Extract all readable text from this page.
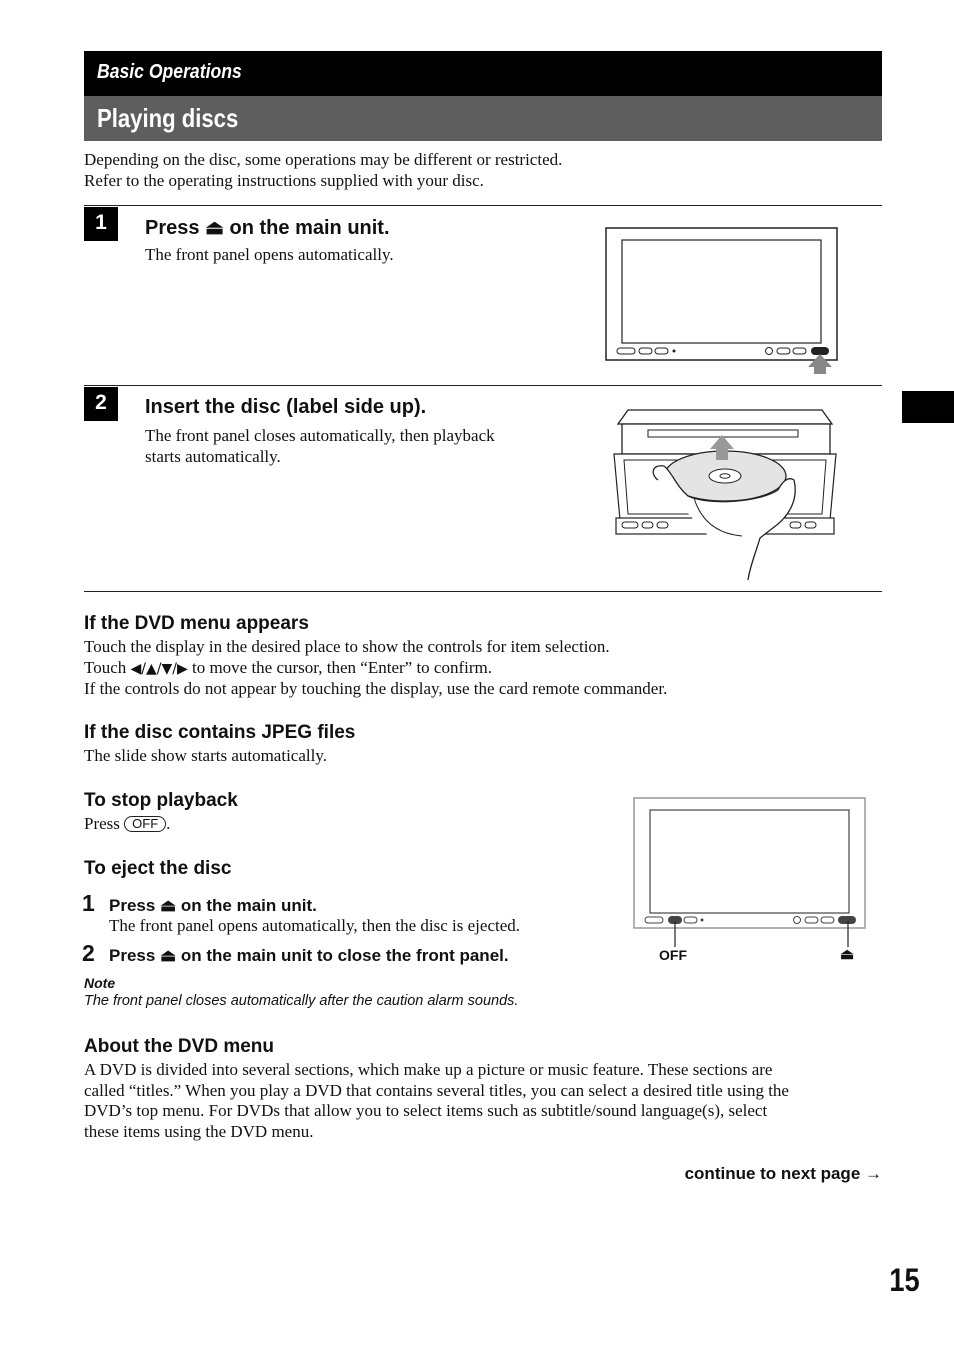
Basic Operations
Playing discs
Depending on the disc, some operations may be different or restricted.
Refer to the operating instructions supplied with your disc.
1	Press ⏏ on the main unit.
The front panel opens automatically.
2	Insert the disc (label side up).
The front panel closes automatically, then playback
starts automatically.
If the DVD menu appears
Touch the display in the desired place to show the controls for item selection.
Touch ◀/▲/▼/▶ to move the cursor, then “Enter” to confirm.
If the controls do not appear by touching the display, use the card remote commander.
If the disc contains JPEG files
The slide show starts automatically.
To stop playback
Press OFF .
To eject the disc
1 Press ⏏ on the main unit.
The front panel opens automatically, then the disc is ejected.
2 Press ⏏ on the main unit to close the front panel.
Note
The front panel closes automatically after the caution alarm sounds.
OFF	⏏
About the DVD menu
A DVD is divided into several sections, which make up a picture or music feature. These sections are
called “titles.” When you play a DVD that contains several titles, you can select a desired title using the
DVD’s top menu. For DVDs that allow you to select items such as subtitle/sound language(s), select
these items using the DVD menu.
continue to next page →
15
